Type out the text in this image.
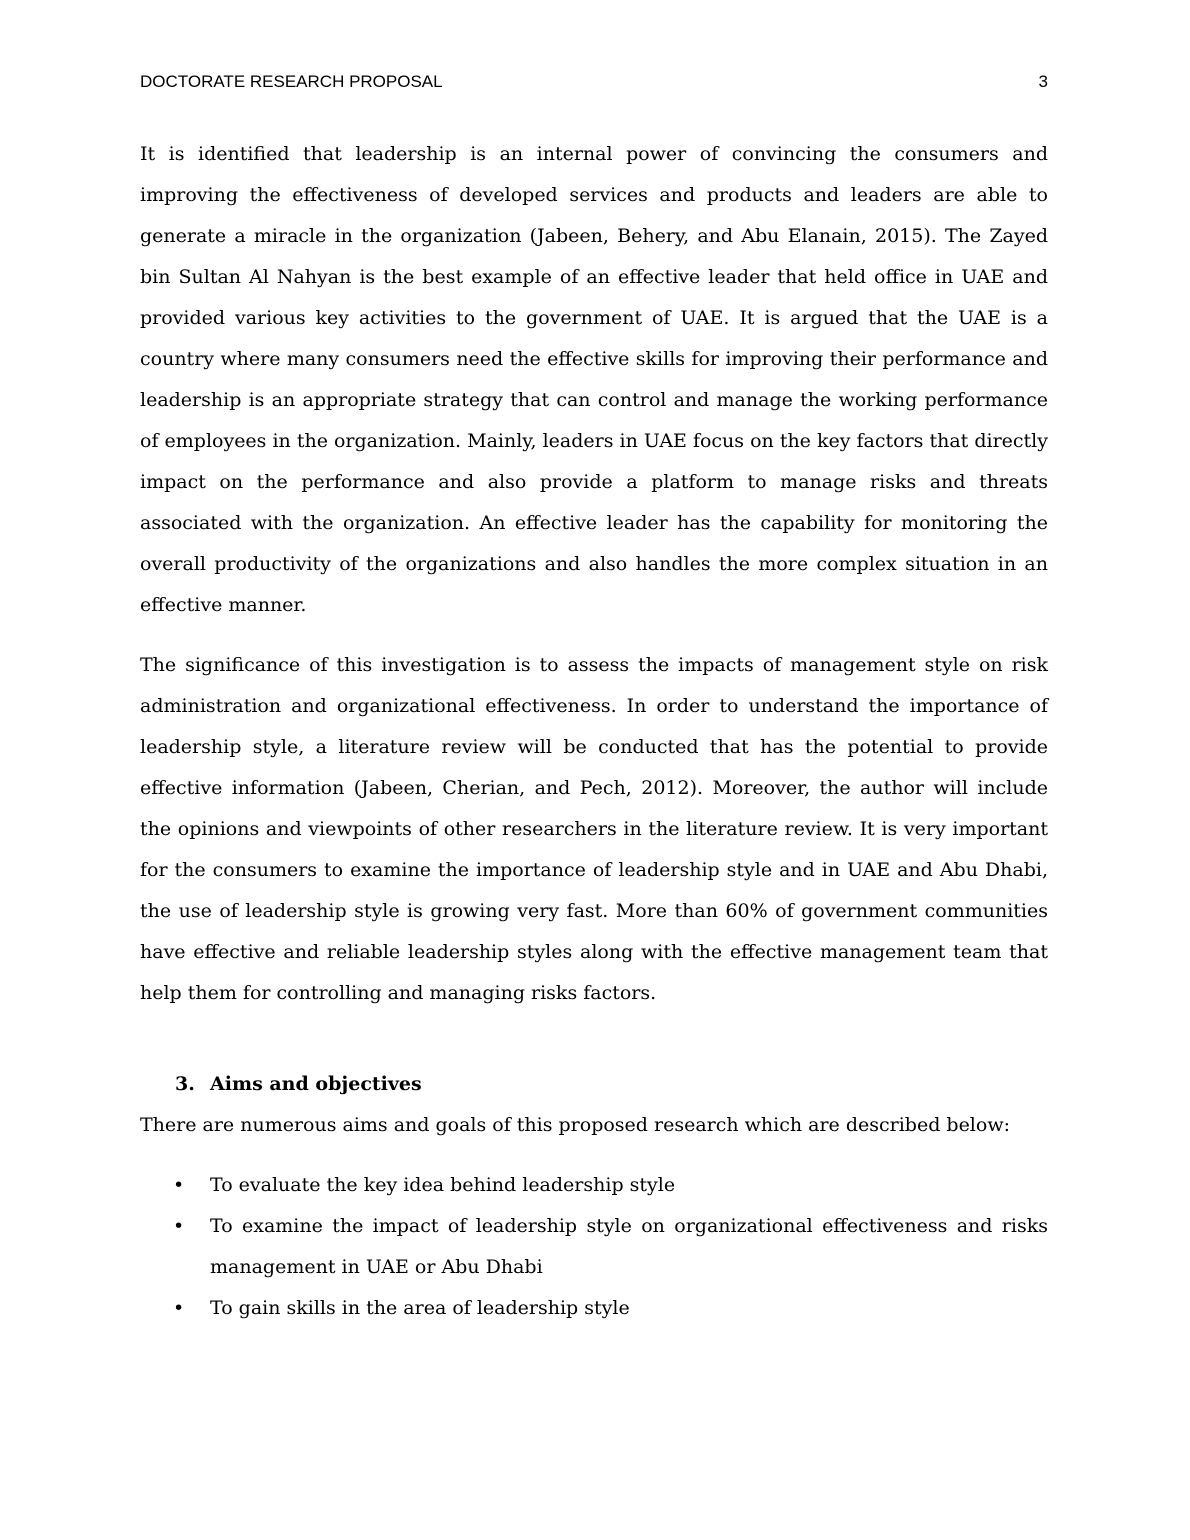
DOCTORATE RESEARCH PROPOSAL	3

It is identified that leadership is an internal power of convincing the consumers and improving the effectiveness of developed services and products and leaders are able to generate a miracle in the organization (Jabeen, Behery, and Abu Elanain, 2015). The Zayed bin Sultan Al Nahyan is the best example of an effective leader that held office in UAE and provided various key activities to the government of UAE. It is argued that the UAE is a country where many consumers need the effective skills for improving their performance and leadership is an appropriate strategy that can control and manage the working performance of employees in the organization. Mainly, leaders in UAE focus on the key factors that directly impact on the performance and also provide a platform to manage risks and threats associated with the organization. An effective leader has the capability for monitoring the overall productivity of the organizations and also handles the more complex situation in an effective manner.

The significance of this investigation is to assess the impacts of management style on risk administration and organizational effectiveness. In order to understand the importance of leadership style, a literature review will be conducted that has the potential to provide effective information (Jabeen, Cherian, and Pech, 2012). Moreover, the author will include the opinions and viewpoints of other researchers in the literature review. It is very important for the consumers to examine the importance of leadership style and in UAE and Abu Dhabi, the use of leadership style is growing very fast. More than 60% of government communities have effective and reliable leadership styles along with the effective management team that help them for controlling and managing risks factors.

3. Aims and objectives

There are numerous aims and goals of this proposed research which are described below:

• To evaluate the key idea behind leadership style
• To examine the impact of leadership style on organizational effectiveness and risks management in UAE or Abu Dhabi
• To gain skills in the area of leadership style
